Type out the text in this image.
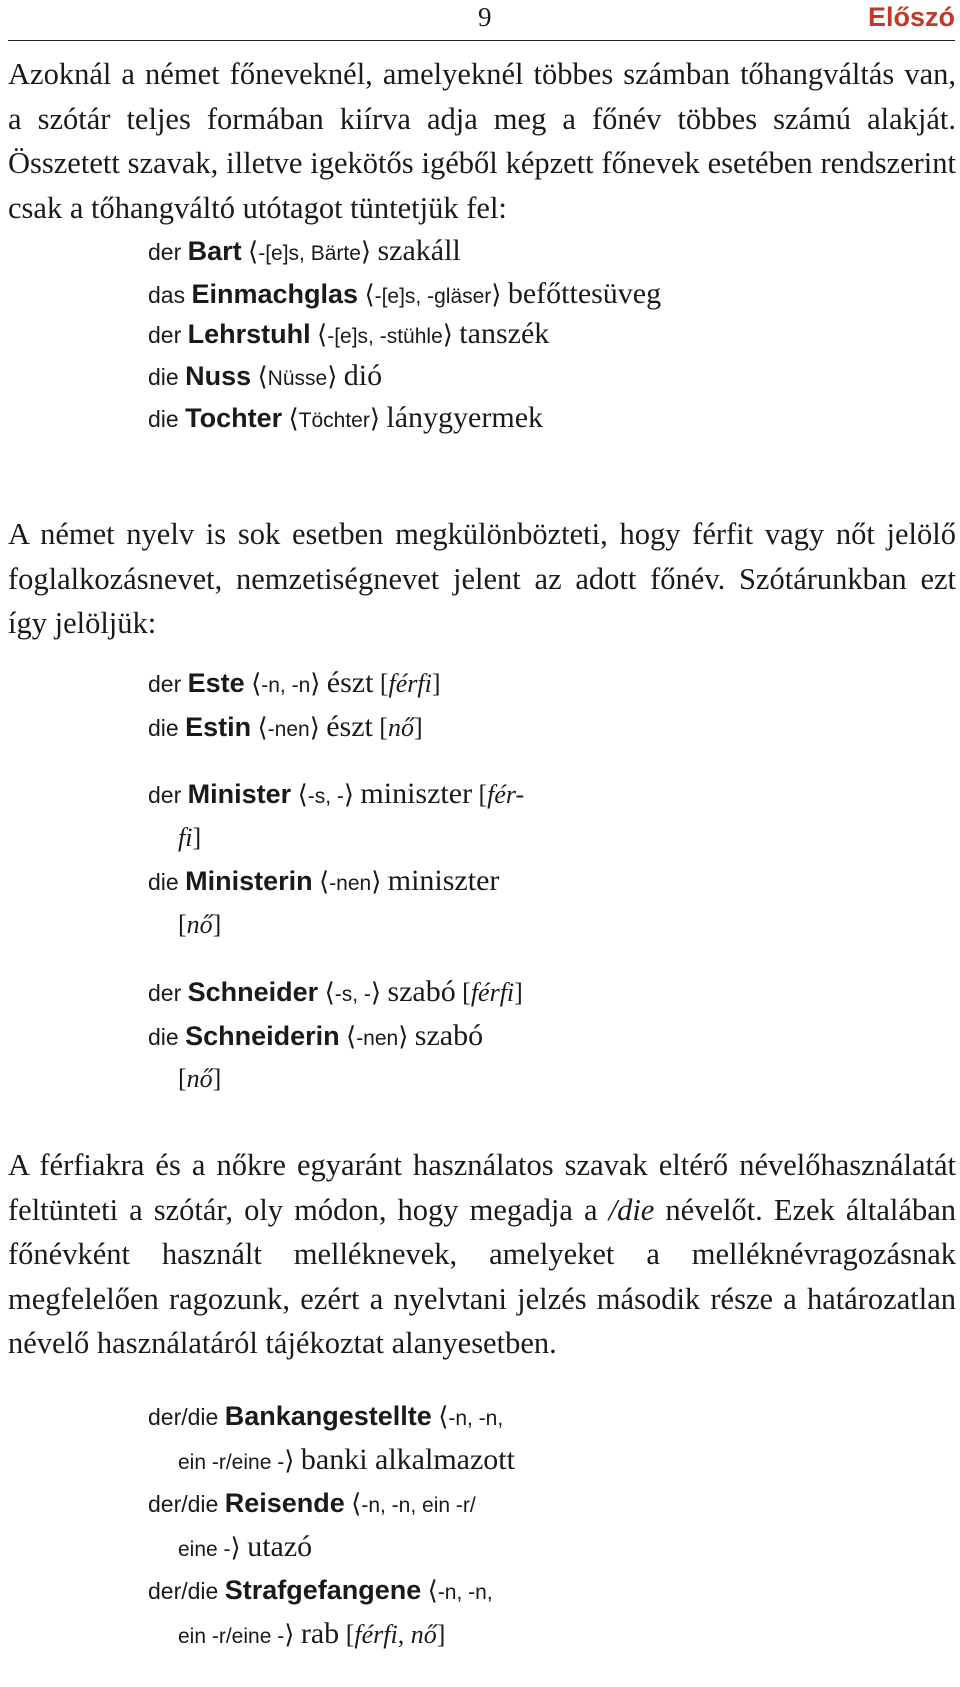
9	Előszó

Azoknál a német főneveknél, amelyeknél többes számban tőhangváltás van, a szótár teljes formában kiírva adja meg a főnév többes számú alakját. Összetett szavak, illetve igekötős igéből képzett főnevek esetében rendszerint csak a tőhangváltó utótagot tüntetjük fel:

der Bart ⟨-[e]s, Bärte⟩ szakáll
das Einmachglas ⟨-[e]s, -gläser⟩ befőttesüveg
der Lehrstuhl ⟨-[e]s, -stühle⟩ tanszék
die Nuss ⟨Nüsse⟩ dió
die Tochter ⟨Töchter⟩ lánygyermek

A német nyelv is sok esetben megkülönbözteti, hogy férfit vagy nőt jelölő foglalkozásnevet, nemzetiségnevet jelent az adott főnév. Szótárunkban ezt így jelöljük:

der Este ⟨-n, -n⟩ észt [férfi]
die Estin ⟨-nen⟩ észt [nő]
der Minister ⟨-s, -⟩ miniszter [fér-
fi]
die Ministerin ⟨-nen⟩ miniszter
[nő]
der Schneider ⟨-s, -⟩ szabó [férfi]
die Schneiderin ⟨-nen⟩ szabó
[nő]

A férfiakra és a nőkre egyaránt használatos szavak eltérő névelőhasználatát feltünteti a szótár, oly módon, hogy megadja a /die névelőt. Ezek általában főnévként használt melléknevek, amelyeket a melléknévragozásnak megfelelően ragozunk, ezért a nyelvtani jelzés második része a határozatlan névelő használatáról tájékoztat alanyesetben.

der/die Bankangestellte ⟨-n, -n,
ein -r/eine -⟩ banki alkalmazott
der/die Reisende ⟨-n, -n, ein -r/
eine -⟩ utazó
der/die Strafgefangene ⟨-n, -n,
ein -r/eine -⟩ rab [férfi, nő]
